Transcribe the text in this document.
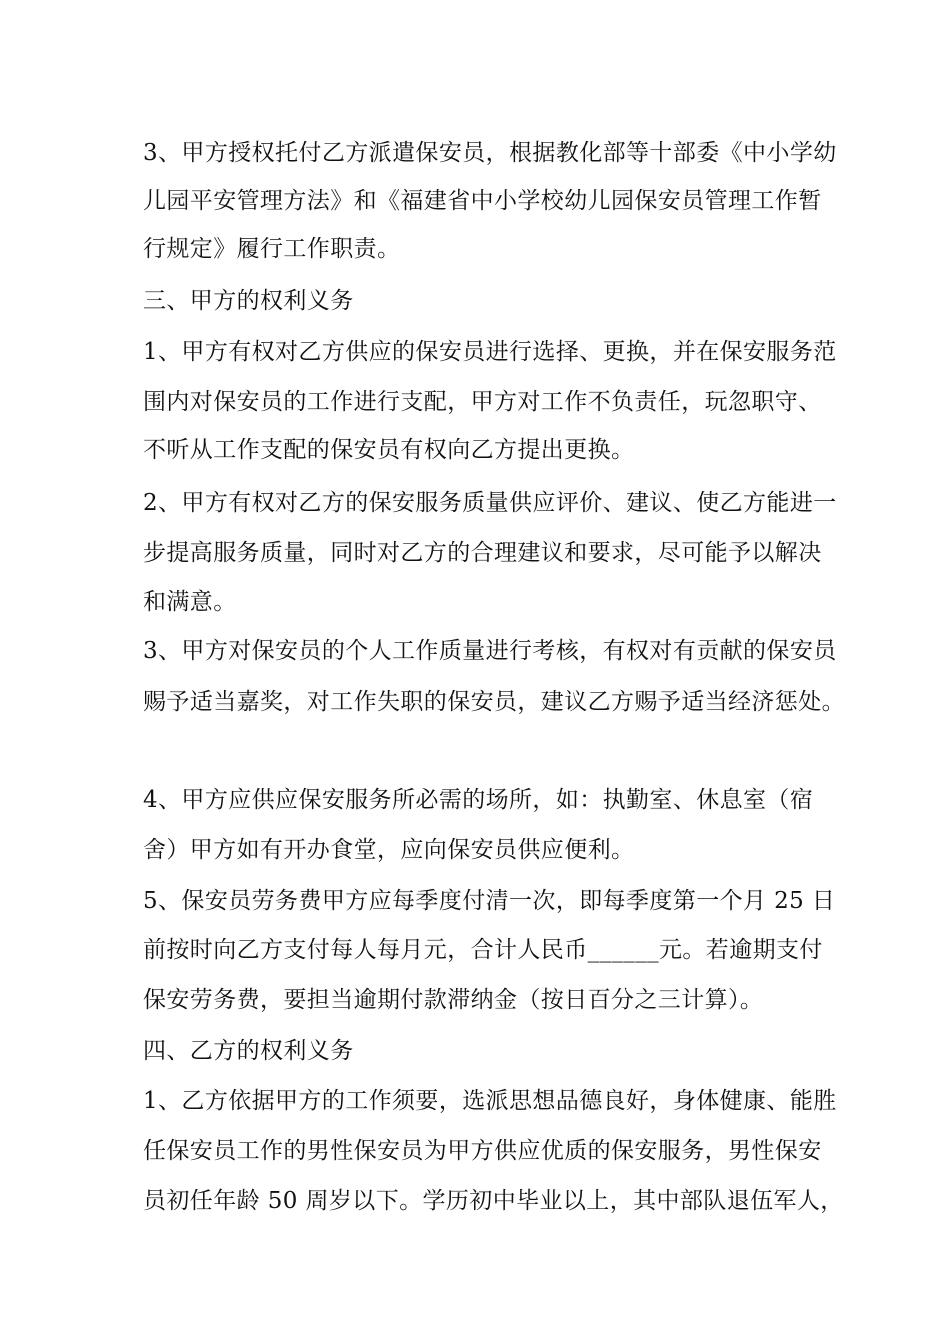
3、甲方授权托付乙方派遣保安员，根据教化部等十部委《中小学幼
儿园平安管理方法》和《福建省中小学校幼儿园保安员管理工作暂
行规定》履行工作职责。
三、甲方的权利义务
1、甲方有权对乙方供应的保安员进行选择、更换，并在保安服务范
围内对保安员的工作进行支配，甲方对工作不负责任，玩忽职守、
不听从工作支配的保安员有权向乙方提出更换。
2、甲方有权对乙方的保安服务质量供应评价、建议、使乙方能进一
步提高服务质量，同时对乙方的合理建议和要求，尽可能予以解决
和满意。
3、甲方对保安员的个人工作质量进行考核，有权对有贡献的保安员
赐予适当嘉奖，对工作失职的保安员，建议乙方赐予适当经济惩处。
4、甲方应供应保安服务所必需的场所，如：执勤室、休息室（宿
舍）甲方如有开办食堂，应向保安员供应便利。
5、保安员劳务费甲方应每季度付清一次，即每季度第一个月 25 日
前按时向乙方支付每人每月元，合计人民币______元。若逾期支付
保安劳务费，要担当逾期付款滞纳金（按日百分之三计算）。
四、乙方的权利义务
1、乙方依据甲方的工作须要，选派思想品德良好，身体健康、能胜
任保安员工作的男性保安员为甲方供应优质的保安服务，男性保安
员初任年龄 50 周岁以下。学历初中毕业以上，其中部队退伍军人，
